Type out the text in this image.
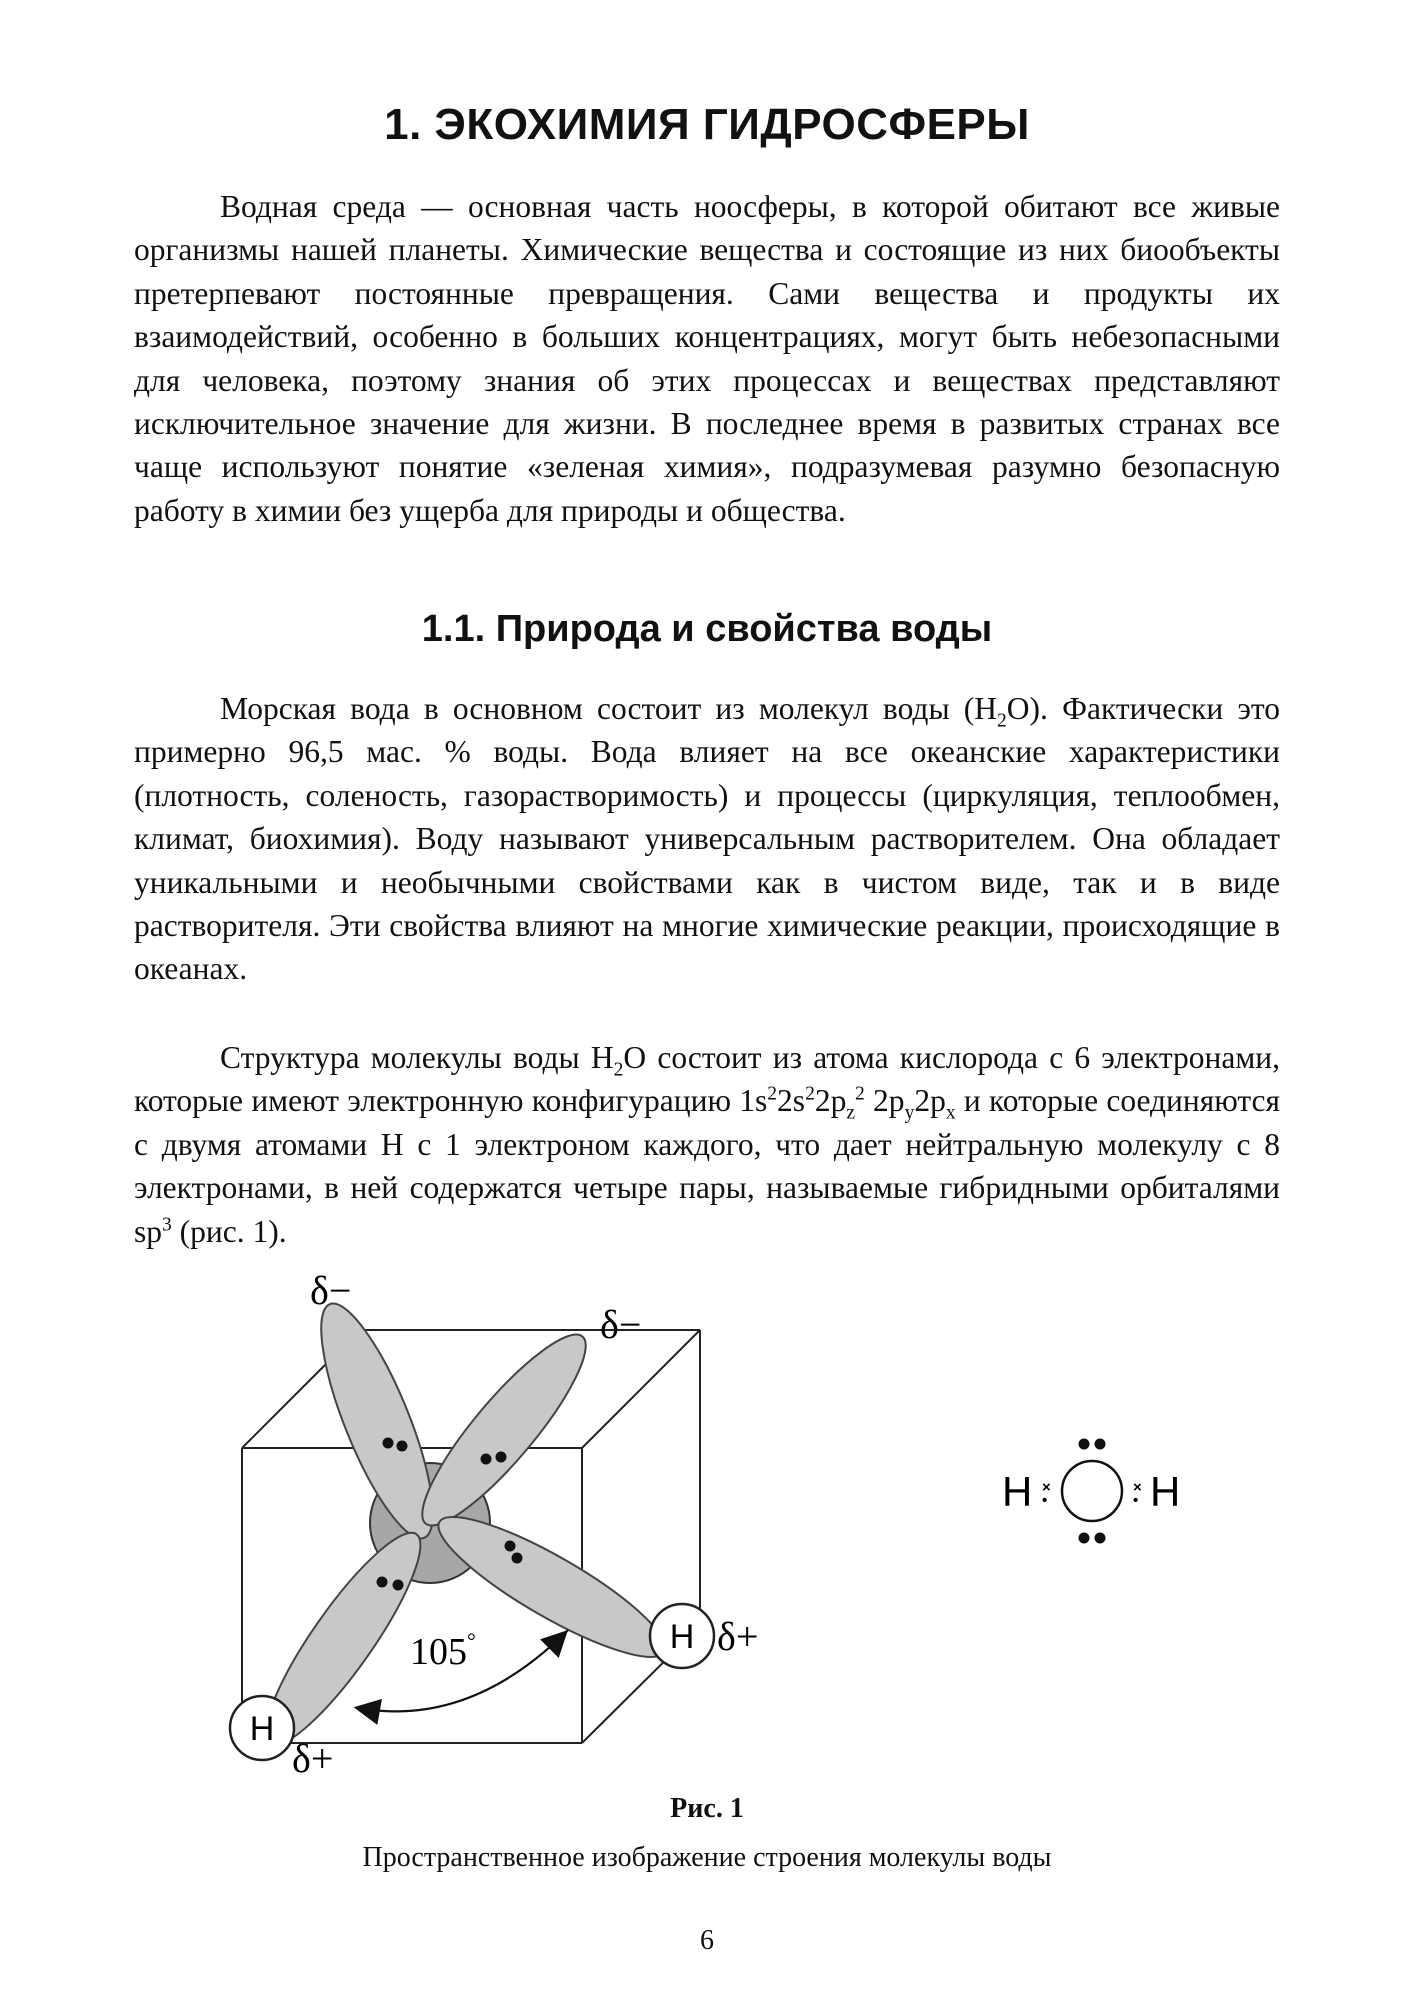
1. ЭКОХИМИЯ ГИДРОСФЕРЫ

Водная среда — основная часть ноосферы, в которой обитают все живые организмы нашей планеты. Химические вещества и состоящие из них биообъекты претерпевают постоянные превращения. Сами вещества и продукты их взаимодействий, особенно в больших концентрациях, могут быть небезопасными для человека, поэтому знания об этих процессах и веществах представляют исключительное значение для жизни. В последнее время в развитых странах все чаще используют понятие «зеленая химия», подразумевая разумно безопасную работу в химии без ущерба для природы и общества.

1.1. Природа и свойства воды

Морская вода в основном состоит из молекул воды $(H_2O)$. Фактически это примерно 96,5 мас. % воды. Вода влияет на все океанские характеристики (плотность, соленость, газорастворимость) и процессы (циркуляция, теплообмен, климат, биохимия). Воду называют универсальным растворителем. Она обладает уникальными и необычными свойствами как в чистом виде, так и в виде растворителя. Эти свойства влияют на многие химические реакции, происходящие в океанах.

Структура молекулы воды $H_2O$ состоит из атома кислорода с 6 электронами, которые имеют электронную конфигурацию $1s^22s^22p_z^2$ $2p_y2p_x$ и которые соединяются с двумя атомами H с 1 электроном каждого, что дает нейтральную молекулу с 8 электронами, в ней содержатся четыре пары, называемые гибридными орбиталями $sp^3$ (рис. 1).

H
H
δ−
δ−
δ+
δ+
105°
H	H
×
•
×
•
Рис. 1
Пространственное изображение строения молекулы воды
6
